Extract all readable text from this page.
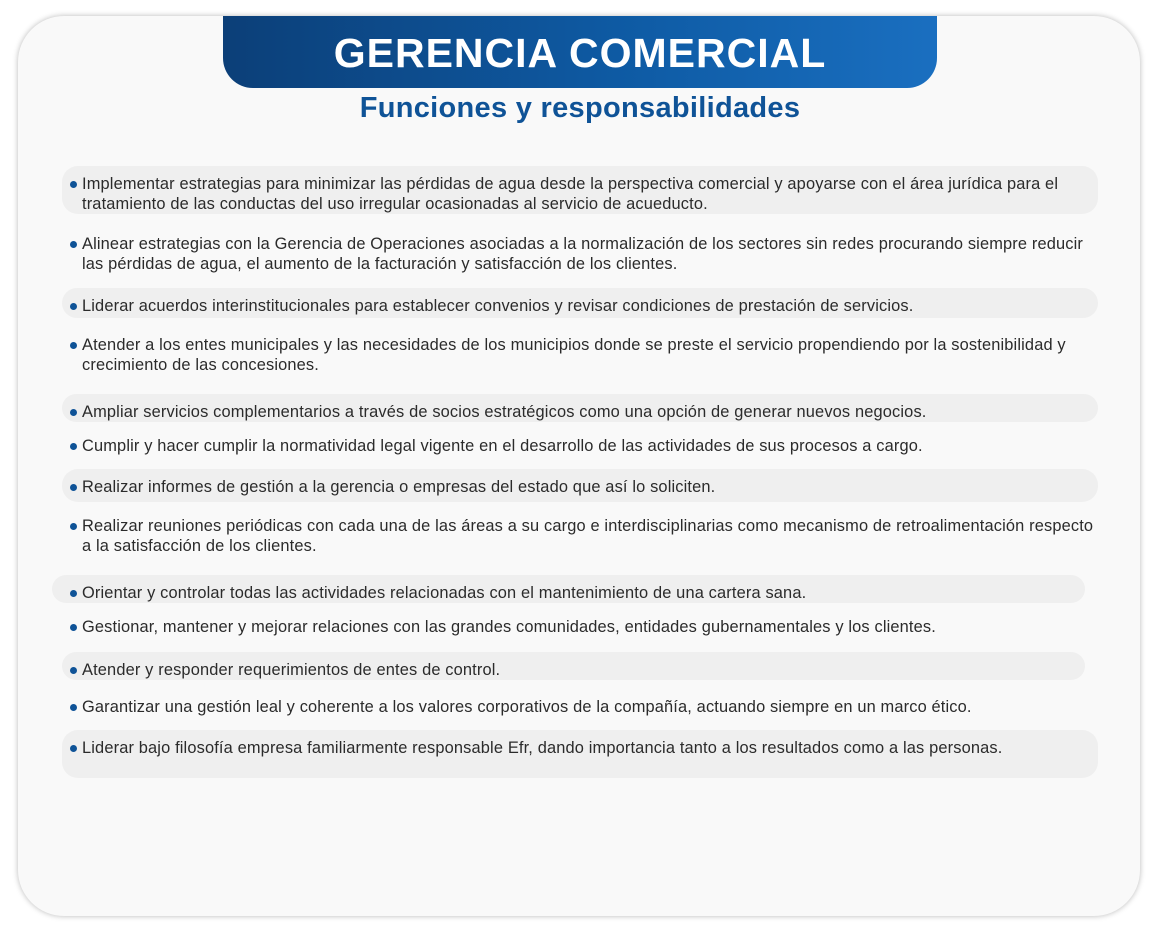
GERENCIA COMERCIAL
Funciones y responsabilidades
Implementar estrategias para minimizar las pérdidas de agua desde la perspectiva comercial y apoyarse con el área jurídica para el tratamiento de las conductas del uso irregular ocasionadas al servicio de acueducto.
Alinear estrategias con la Gerencia de Operaciones asociadas a la normalización de los sectores sin redes procurando siempre reducir las pérdidas de agua, el aumento de la facturación y satisfacción de los clientes.
Liderar acuerdos interinstitucionales para establecer convenios y revisar condiciones de prestación de servicios.
Atender a los entes municipales y las necesidades de los municipios donde se preste el servicio propendiendo por la sostenibilidad y crecimiento de las concesiones.
Ampliar servicios complementarios a través de socios estratégicos como una opción de generar nuevos negocios.
Cumplir y hacer cumplir la normatividad legal vigente en el desarrollo de las actividades de sus procesos a cargo.
Realizar informes de gestión a la gerencia o empresas del estado que así lo soliciten.
Realizar reuniones periódicas con cada una de las áreas a su cargo e interdisciplinarias como mecanismo de retroalimentación respecto a la satisfacción de los clientes.
Orientar y controlar todas las actividades relacionadas con el mantenimiento de una cartera sana.
Gestionar, mantener y mejorar relaciones con las grandes comunidades, entidades gubernamentales y los clientes.
Atender y responder requerimientos de entes de control.
Garantizar una gestión leal y coherente a los valores corporativos de la compañía, actuando siempre en un marco ético.
Liderar bajo filosofía empresa familiarmente responsable Efr, dando importancia tanto a los resultados como a las personas.
